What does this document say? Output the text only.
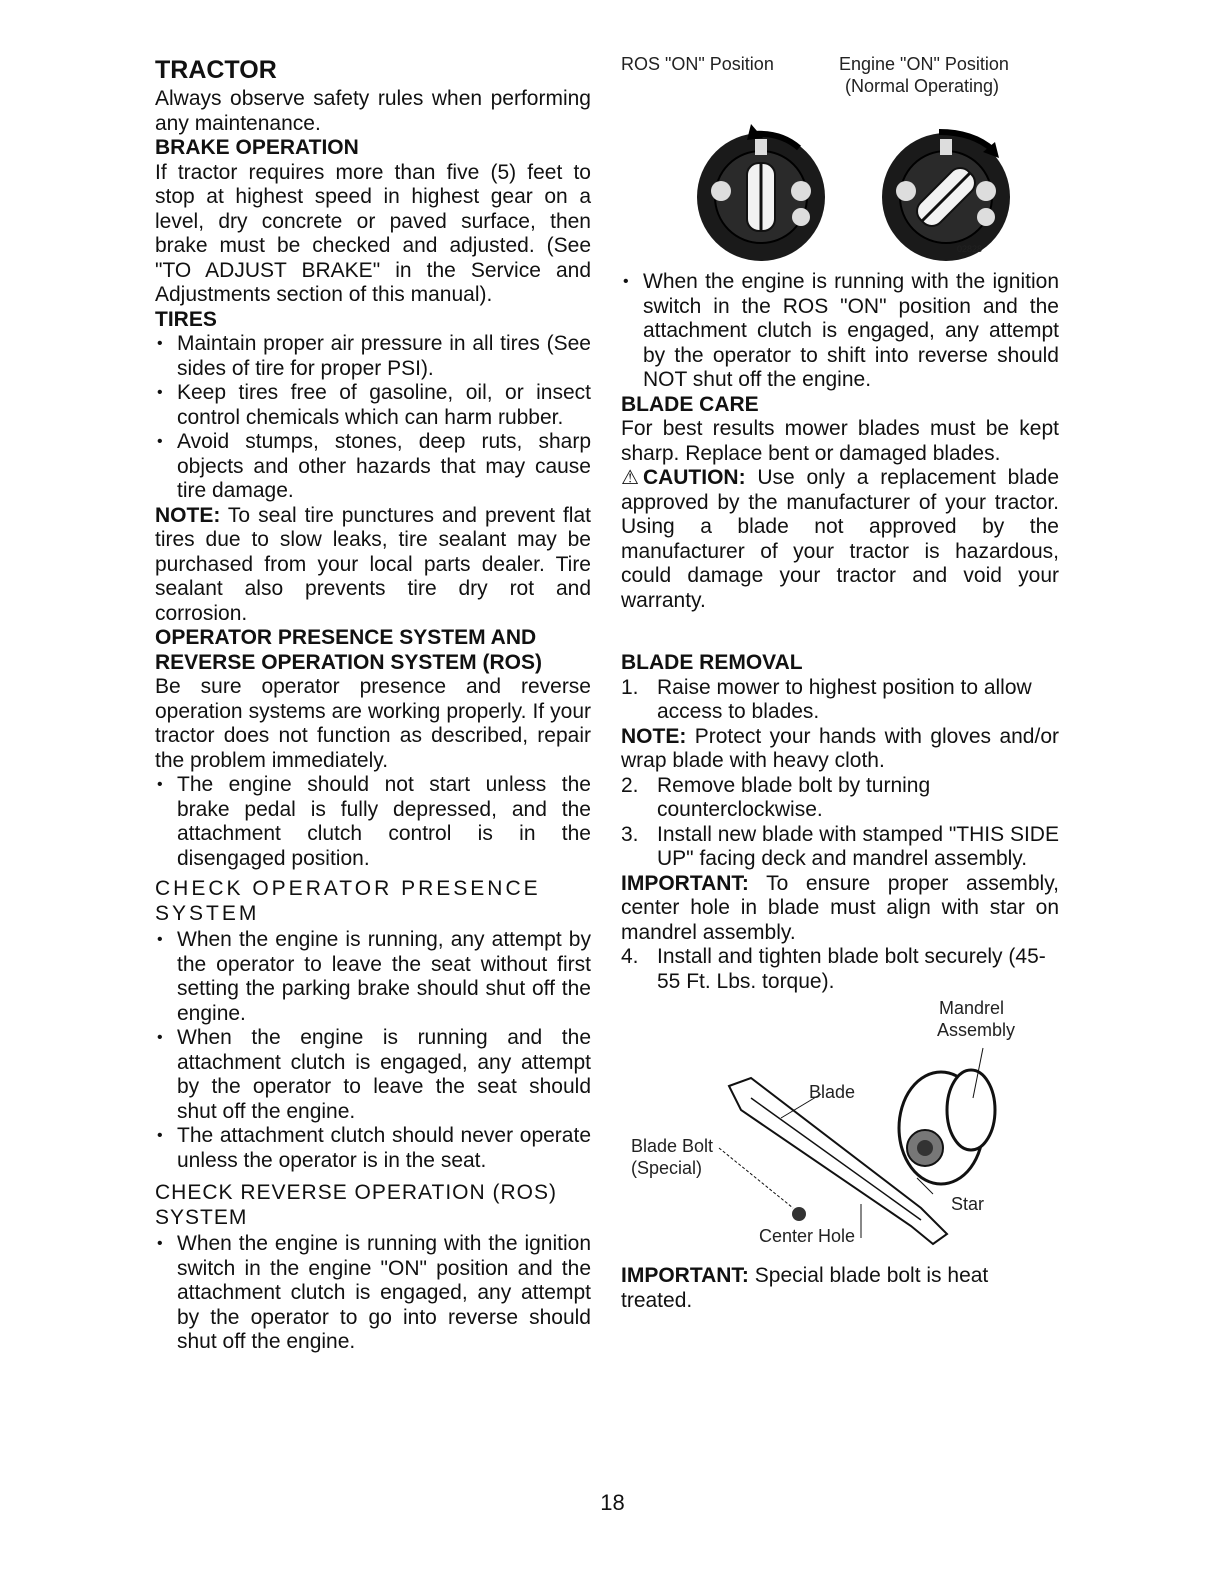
TRACTOR

Always observe safety rules when performing any maintenance.

BRAKE OPERATION

If tractor requires more than five (5) feet to stop at highest speed in highest gear on a level, dry concrete or paved surface, then brake must be checked and adjusted. (See "TO ADJUST BRAKE" in the Service and Adjustments section of this manual).

TIRES
• Maintain proper air pressure in all tires (See sides of tire for proper PSI).
• Keep tires free of gasoline, oil, or insect control chemicals which can harm rubber.
• Avoid stumps, stones, deep ruts, sharp objects and other hazards that may cause tire damage.

NOTE: To seal tire punctures and prevent flat tires due to slow leaks, tire sealant may be purchased from your local parts dealer. Tire sealant also prevents tire dry rot and corrosion.

OPERATOR PRESENCE SYSTEM AND REVERSE OPERATION SYSTEM (ROS)

Be sure operator presence and reverse operation systems are working properly. If your tractor does not function as described, repair the problem immediately.

• The engine should not start unless the brake pedal is fully depressed, and the attachment clutch control is in the disengaged position.
CHECK OPERATOR PRESENCE SYSTEM
• When the engine is running, any attempt by the operator to leave the seat without first setting the parking brake should shut off the engine.
• When the engine is running and the attachment clutch is engaged, any attempt by the operator to leave the seat should shut off the engine.
• The attachment clutch should never operate unless the operator is in the seat.
CHECK REVERSE OPERATION (ROS) SYSTEM
• When the engine is running with the ignition switch in the engine "ON" position and the attachment clutch is engaged, any attempt by the operator to go into reverse should shut off the engine.
ROS "ON" Position	Engine "ON" Position
(Normal Operating)
02828
• When the engine is running with the ignition switch in the ROS "ON" position and the attachment clutch is engaged, any attempt by the operator to shift into reverse should NOT shut off the engine.
BLADE CARE

For best results mower blades must be kept sharp. Replace bent or damaged blades.

⚠ CAUTION: Use only a replacement blade approved by the manufacturer of your tractor. Using a blade not approved by the manufacturer of your tractor is hazardous, could damage your tractor and void your warranty.

BLADE REMOVAL
1. Raise mower to highest position to allow access to blades.

NOTE: Protect your hands with gloves and/or wrap blade with heavy cloth.

2. Remove blade bolt by turning counterclockwise.
3. Install new blade with stamped "THIS SIDE UP" facing deck and mandrel assembly.

IMPORTANT: To ensure proper assembly, center hole in blade must align with star on mandrel assembly.

4. Install and tighten blade bolt securely (45-55 Ft. Lbs. torque).
Mandrel
Assembly
Blade
Blade Bolt
(Special)
Star
Center Hole

IMPORTANT: Special blade bolt is heat treated.

18
